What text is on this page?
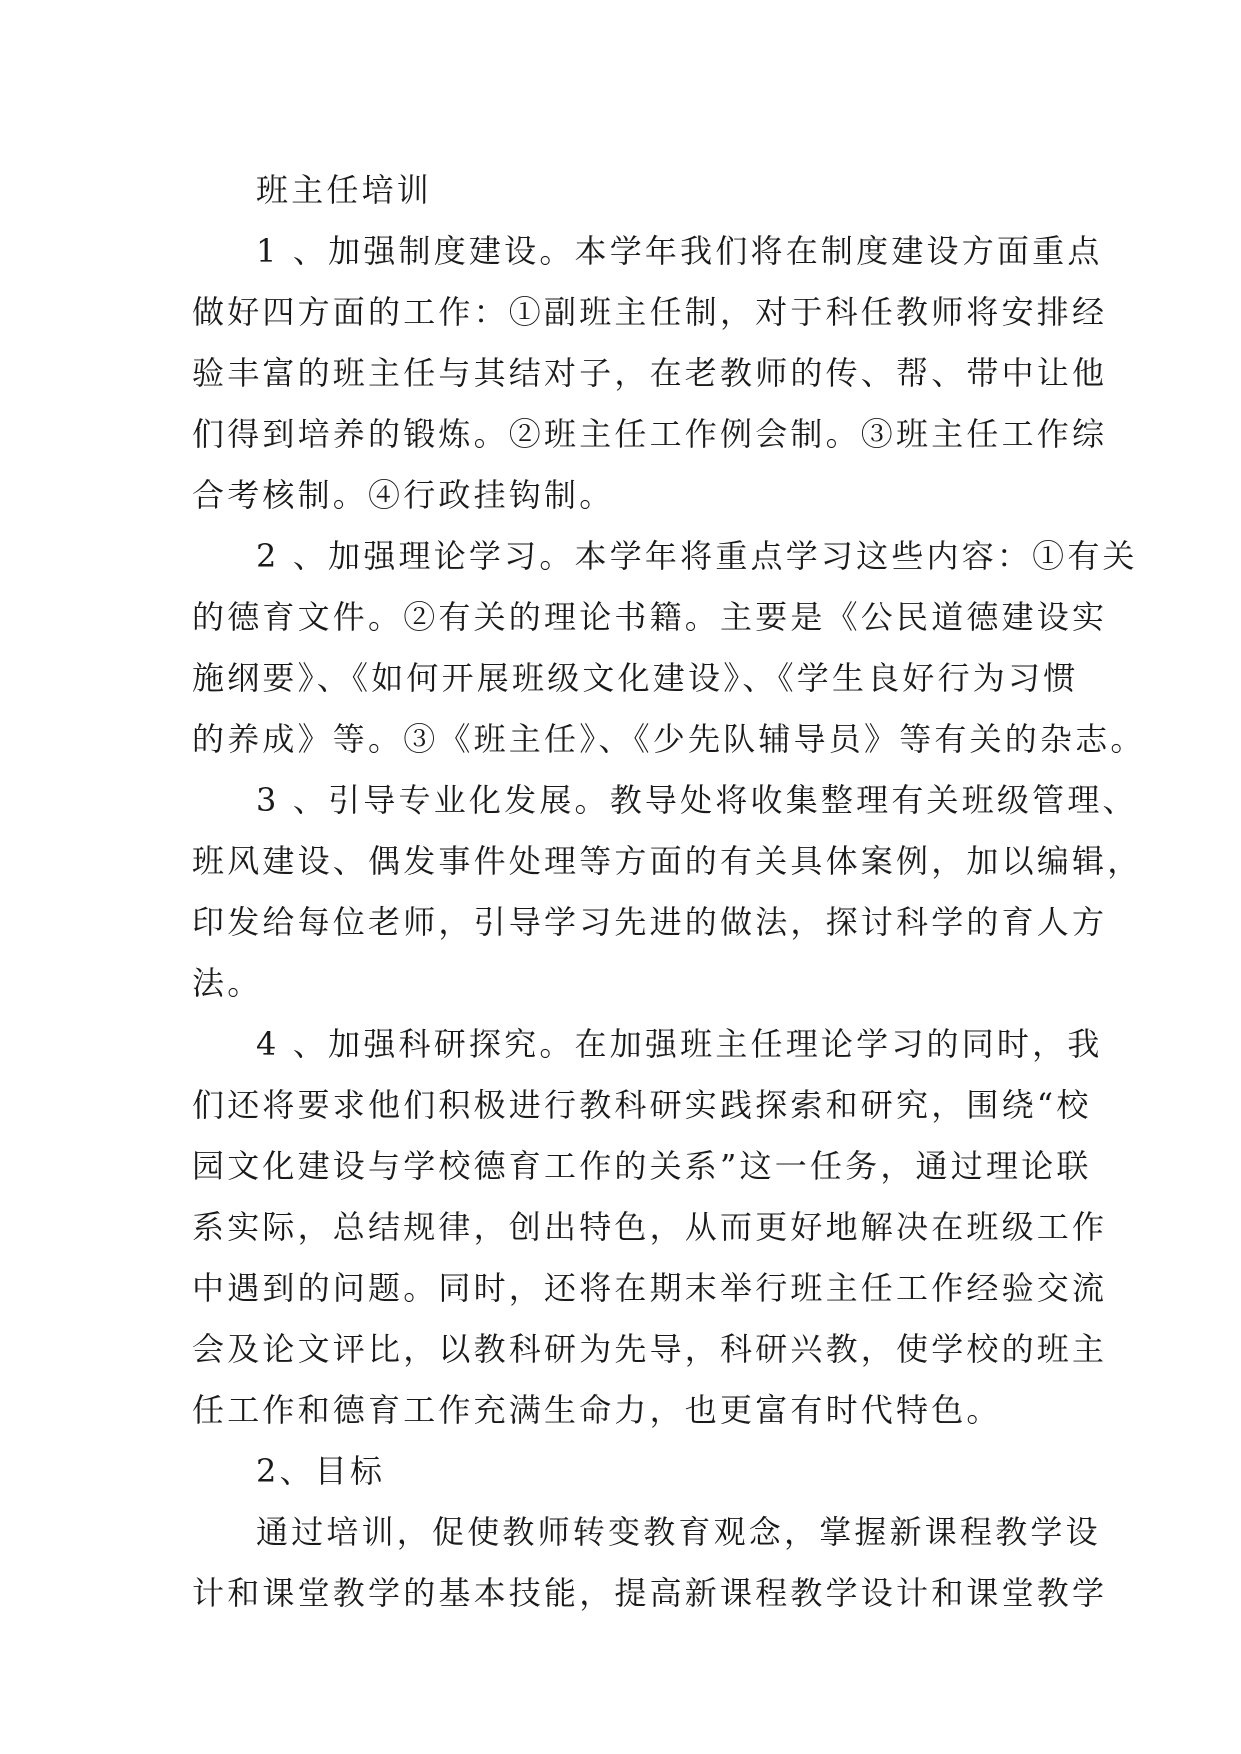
班主任培训
1 、加强制度建设。本学年我们将在制度建设方面重点
做好四方面的工作：①副班主任制，对于科任教师将安排经
验丰富的班主任与其结对子，在老教师的传、帮、带中让他
们得到培养的锻炼。②班主任工作例会制。③班主任工作综
合考核制。④行政挂钩制。
2 、加强理论学习。本学年将重点学习这些内容：①有关
的德育文件。②有关的理论书籍。主要是《公民道德建设实
施纲要》、《如何开展班级文化建设》、《学生良好行为习惯
的养成》等。③《班主任》、《少先队辅导员》等有关的杂志。
3 、引导专业化发展。教导处将收集整理有关班级管理、
班风建设、偶发事件处理等方面的有关具体案例，加以编辑，
印发给每位老师，引导学习先进的做法，探讨科学的育人方
法。
4 、加强科研探究。在加强班主任理论学习的同时，我
们还将要求他们积极进行教科研实践探索和研究，围绕“校
园文化建设与学校德育工作的关系”这一任务，通过理论联
系实际，总结规律，创出特色，从而更好地解决在班级工作
中遇到的问题。同时，还将在期末举行班主任工作经验交流
会及论文评比，以教科研为先导，科研兴教，使学校的班主
任工作和德育工作充满生命力，也更富有时代特色。
2、目标
通过培训，促使教师转变教育观念，掌握新课程教学设
计和课堂教学的基本技能，提高新课程教学设计和课堂教学
